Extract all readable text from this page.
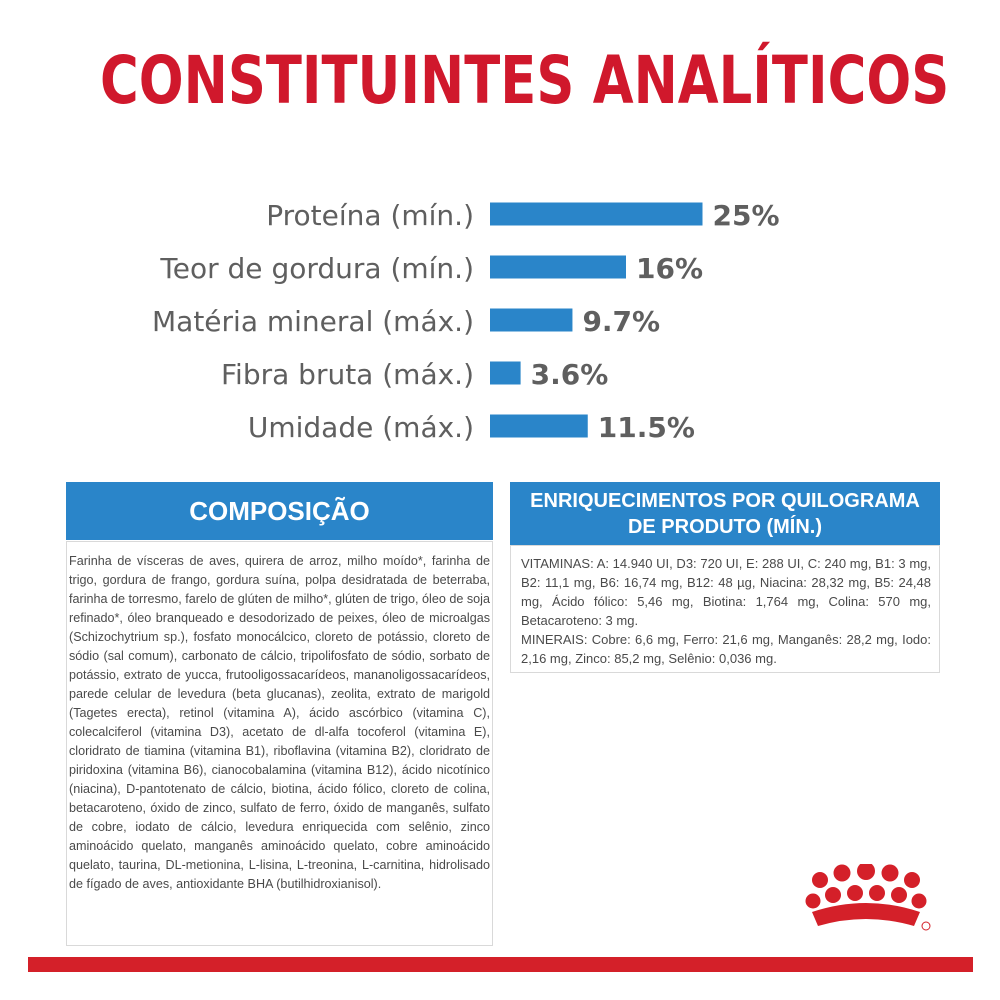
CONSTITUINTES ANALÍTICOS
Proteína (mín.)	25%
Teor de gordura (mín.)	16%
Matéria mineral (máx.)	9.7%
Fibra bruta (máx.) 3.6%
Umidade (máx.)	11.5%
COMPOSIÇÃO
Farinha de vísceras de aves, quirera de arroz, milho moído*, farinha de trigo, gordura de frango, gordura suína, polpa desidratada de beterraba, farinha de torresmo, farelo de glúten de milho*, glúten de trigo, óleo de soja refinado*, óleo branqueado e desodorizado de peixes, óleo de microalgas (Schizochytrium sp.), fosfato monocálcico, cloreto de potássio, cloreto de sódio (sal comum), carbonato de cálcio, tripolifosfato de sódio, sorbato de potássio, extrato de yucca, frutooligossacarídeos, mananoligossacarídeos, parede celular de levedura (beta glucanas), zeolita, extrato de marigold (Tagetes erecta), retinol (vitamina A), ácido ascórbico (vitamina C), colecalciferol (vitamina D3), acetato de dl-alfa tocoferol (vitamina E), cloridrato de tiamina (vitamina B1), riboflavina (vitamina B2), cloridrato de piridoxina (vitamina B6), cianocobalamina (vitamina B12), ácido nicotínico (niacina), D-pantotenato de cálcio, biotina, ácido fólico, cloreto de colina, betacaroteno, óxido de zinco, sulfato de ferro, óxido de manganês, sulfato de cobre, iodato de cálcio, levedura enriquecida com selênio, zinco aminoácido quelato, manganês aminoácido quelato, cobre aminoácido quelato, taurina, DL-metionina, L-lisina, L-treonina, L-carnitina, hidrolisado de fígado de aves, antioxidante BHA (butilhidroxianisol).
ENRIQUECIMENTOS POR QUILOGRAMA DE PRODUTO (MÍN.)

VITAMINAS: A: 14.940 UI, D3: 720 UI, E: 288 UI, C: 240 mg, B1: 3 mg, B2: 11,1 mg, B6: 16,74 mg, B12: 48 µg, Niacina: 28,32 mg, B5: 24,48 mg, Ácido fólico: 5,46 mg, Biotina: 1,764 mg, Colina: 570 mg, Betacaroteno: 3 mg.

MINERAIS: Cobre: 6,6 mg, Ferro: 21,6 mg, Manganês: 28,2 mg, Iodo: 2,16 mg, Zinco: 85,2 mg, Selênio: 0,036 mg.
